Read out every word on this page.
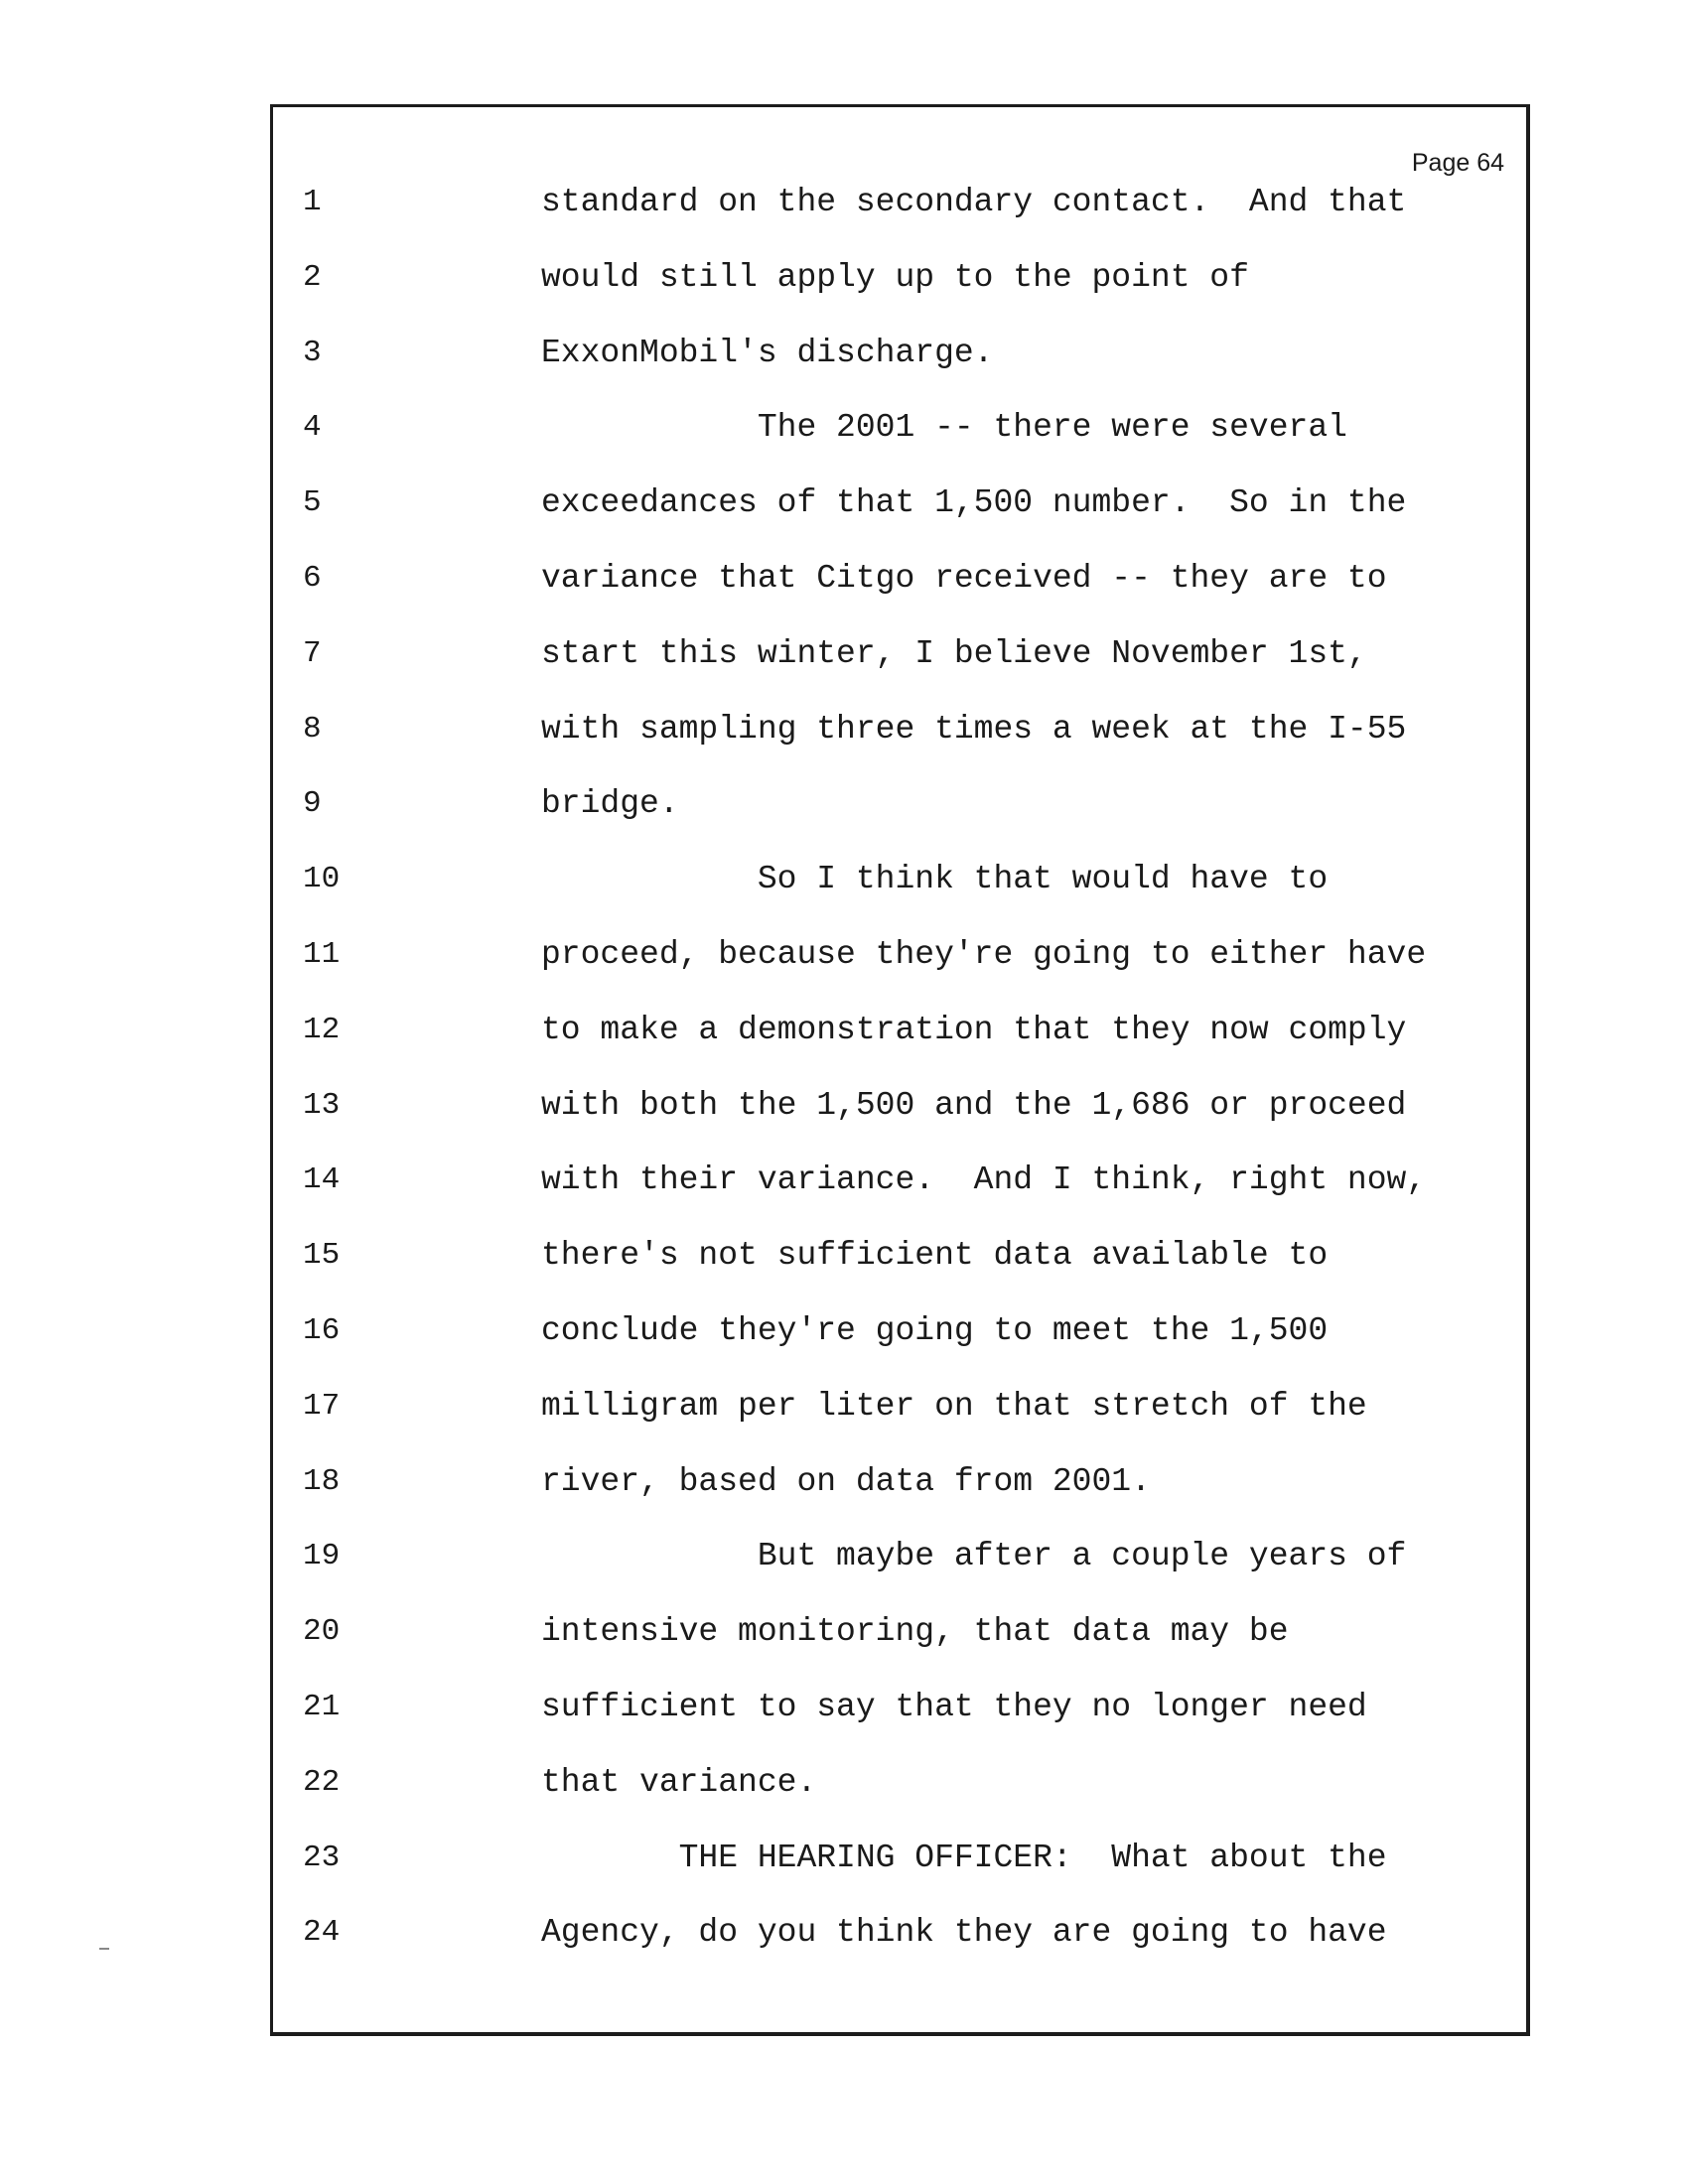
Page 64
1	standard on the secondary contact.  And that
2	would still apply up to the point of
3	ExxonMobil's discharge.
4	The 2001 -- there were several
5	exceedances of that 1,500 number.  So in the
6	variance that Citgo received -- they are to
7	start this winter, I believe November 1st,
8	with sampling three times a week at the I-55
9	bridge.
10	So I think that would have to
11	proceed, because they're going to either have
12	to make a demonstration that they now comply
13	with both the 1,500 and the 1,686 or proceed
14	with their variance.  And I think, right now,
15	there's not sufficient data available to
16	conclude they're going to meet the 1,500
17	milligram per liter on that stretch of the
18	river, based on data from 2001.
19	But maybe after a couple years of
20	intensive monitoring, that data may be
21	sufficient to say that they no longer need
22	that variance.
23	THE HEARING OFFICER:  What about the
24	Agency, do you think they are going to have
